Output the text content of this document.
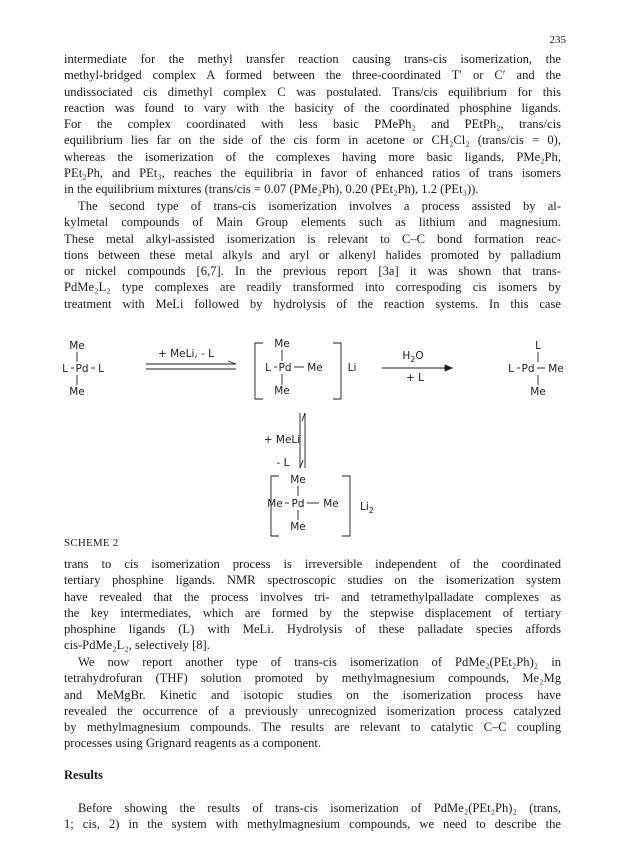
235

intermediate for the methyl transfer reaction causing trans-cis isomerization, the
methyl-bridged complex A formed between the three-coordinated T′ or C′ and the
undissociated cis dimethyl complex C was postulated. Trans/cis equilibrium for this
reaction was found to vary with the basicity of the coordinated phosphine ligands.
For the complex coordinated with less basic PMePh₂ and PEtPh₂, trans/cis
equilibrium lies far on the side of the cis form in acetone or CH₂Cl₂ (trans/cis = 0),
whereas the isomerization of the complexes having more basic ligands, PMe₂Ph,
PEt₂Ph, and PEt₃, reaches the equilibria in favor of enhanced ratios of trans isomers
in the equilibrium mixtures (trans/cis = 0.07 (PMe₂Ph), 0.20 (PEt₂Ph), 1.2 (PEt₃)).

The second type of trans-cis isomerization involves a process assisted by al-
kylmetal compounds of Main Group elements such as lithium and magnesium.
These metal alkyl-assisted isomerization is relevant to C–C bond formation reac-
tions between these metal alkyls and aryl or alkenyl halides promoted by palladium
or nickel compounds [6,7]. In the previous report [3a] it was shown that trans-
PdMe₂L₂ type complexes are readily transformed into correspoding cis isomers by
treatment with MeLi followed by hydrolysis of the reaction systems. In this case

Me
L Pd L
Me
+ MeLi, - L
Me
L Pd Me
Me
Li
$H_2O$
+ L
L
L Pd Me
Me
+ MeLi
- L
Me
Me Pd Me
Me
$Li_2$
SCHEME 2

trans to cis isomerization process is irreversible independent of the coordinated
tertiary phosphine ligands. NMR spectroscopic studies on the isomerization system
have revealed that the process involves tri- and tetramethylpalladate complexes as
the key intermediates, which are formed by the stepwise displacement of tertiary
phosphine ligands (L) with MeLi. Hydrolysis of these palladate species affords
cis-PdMe₂L₂, selectively [8].

We now report another type of trans-cis isomerization of PdMe₂(PEt₂Ph)₂ in
tetrahydrofuran (THF) solution promoted by methylmagnesium compounds, Me₂Mg
and MeMgBr. Kinetic and isotopic studies on the isomerization process have
revealed the occurrence of a previously unrecognized isomerization process catalyzed
by methylmagnesium compounds. The results are relevant to catalytic C–C coupling
processes using Grignard reagents as a component.

Results

Before showing the results of trans-cis isomerization of PdMe₂(PEt₂Ph)₂ (trans,
1; cis, 2) in the system with methylmagnesium compounds, we need to describe the
